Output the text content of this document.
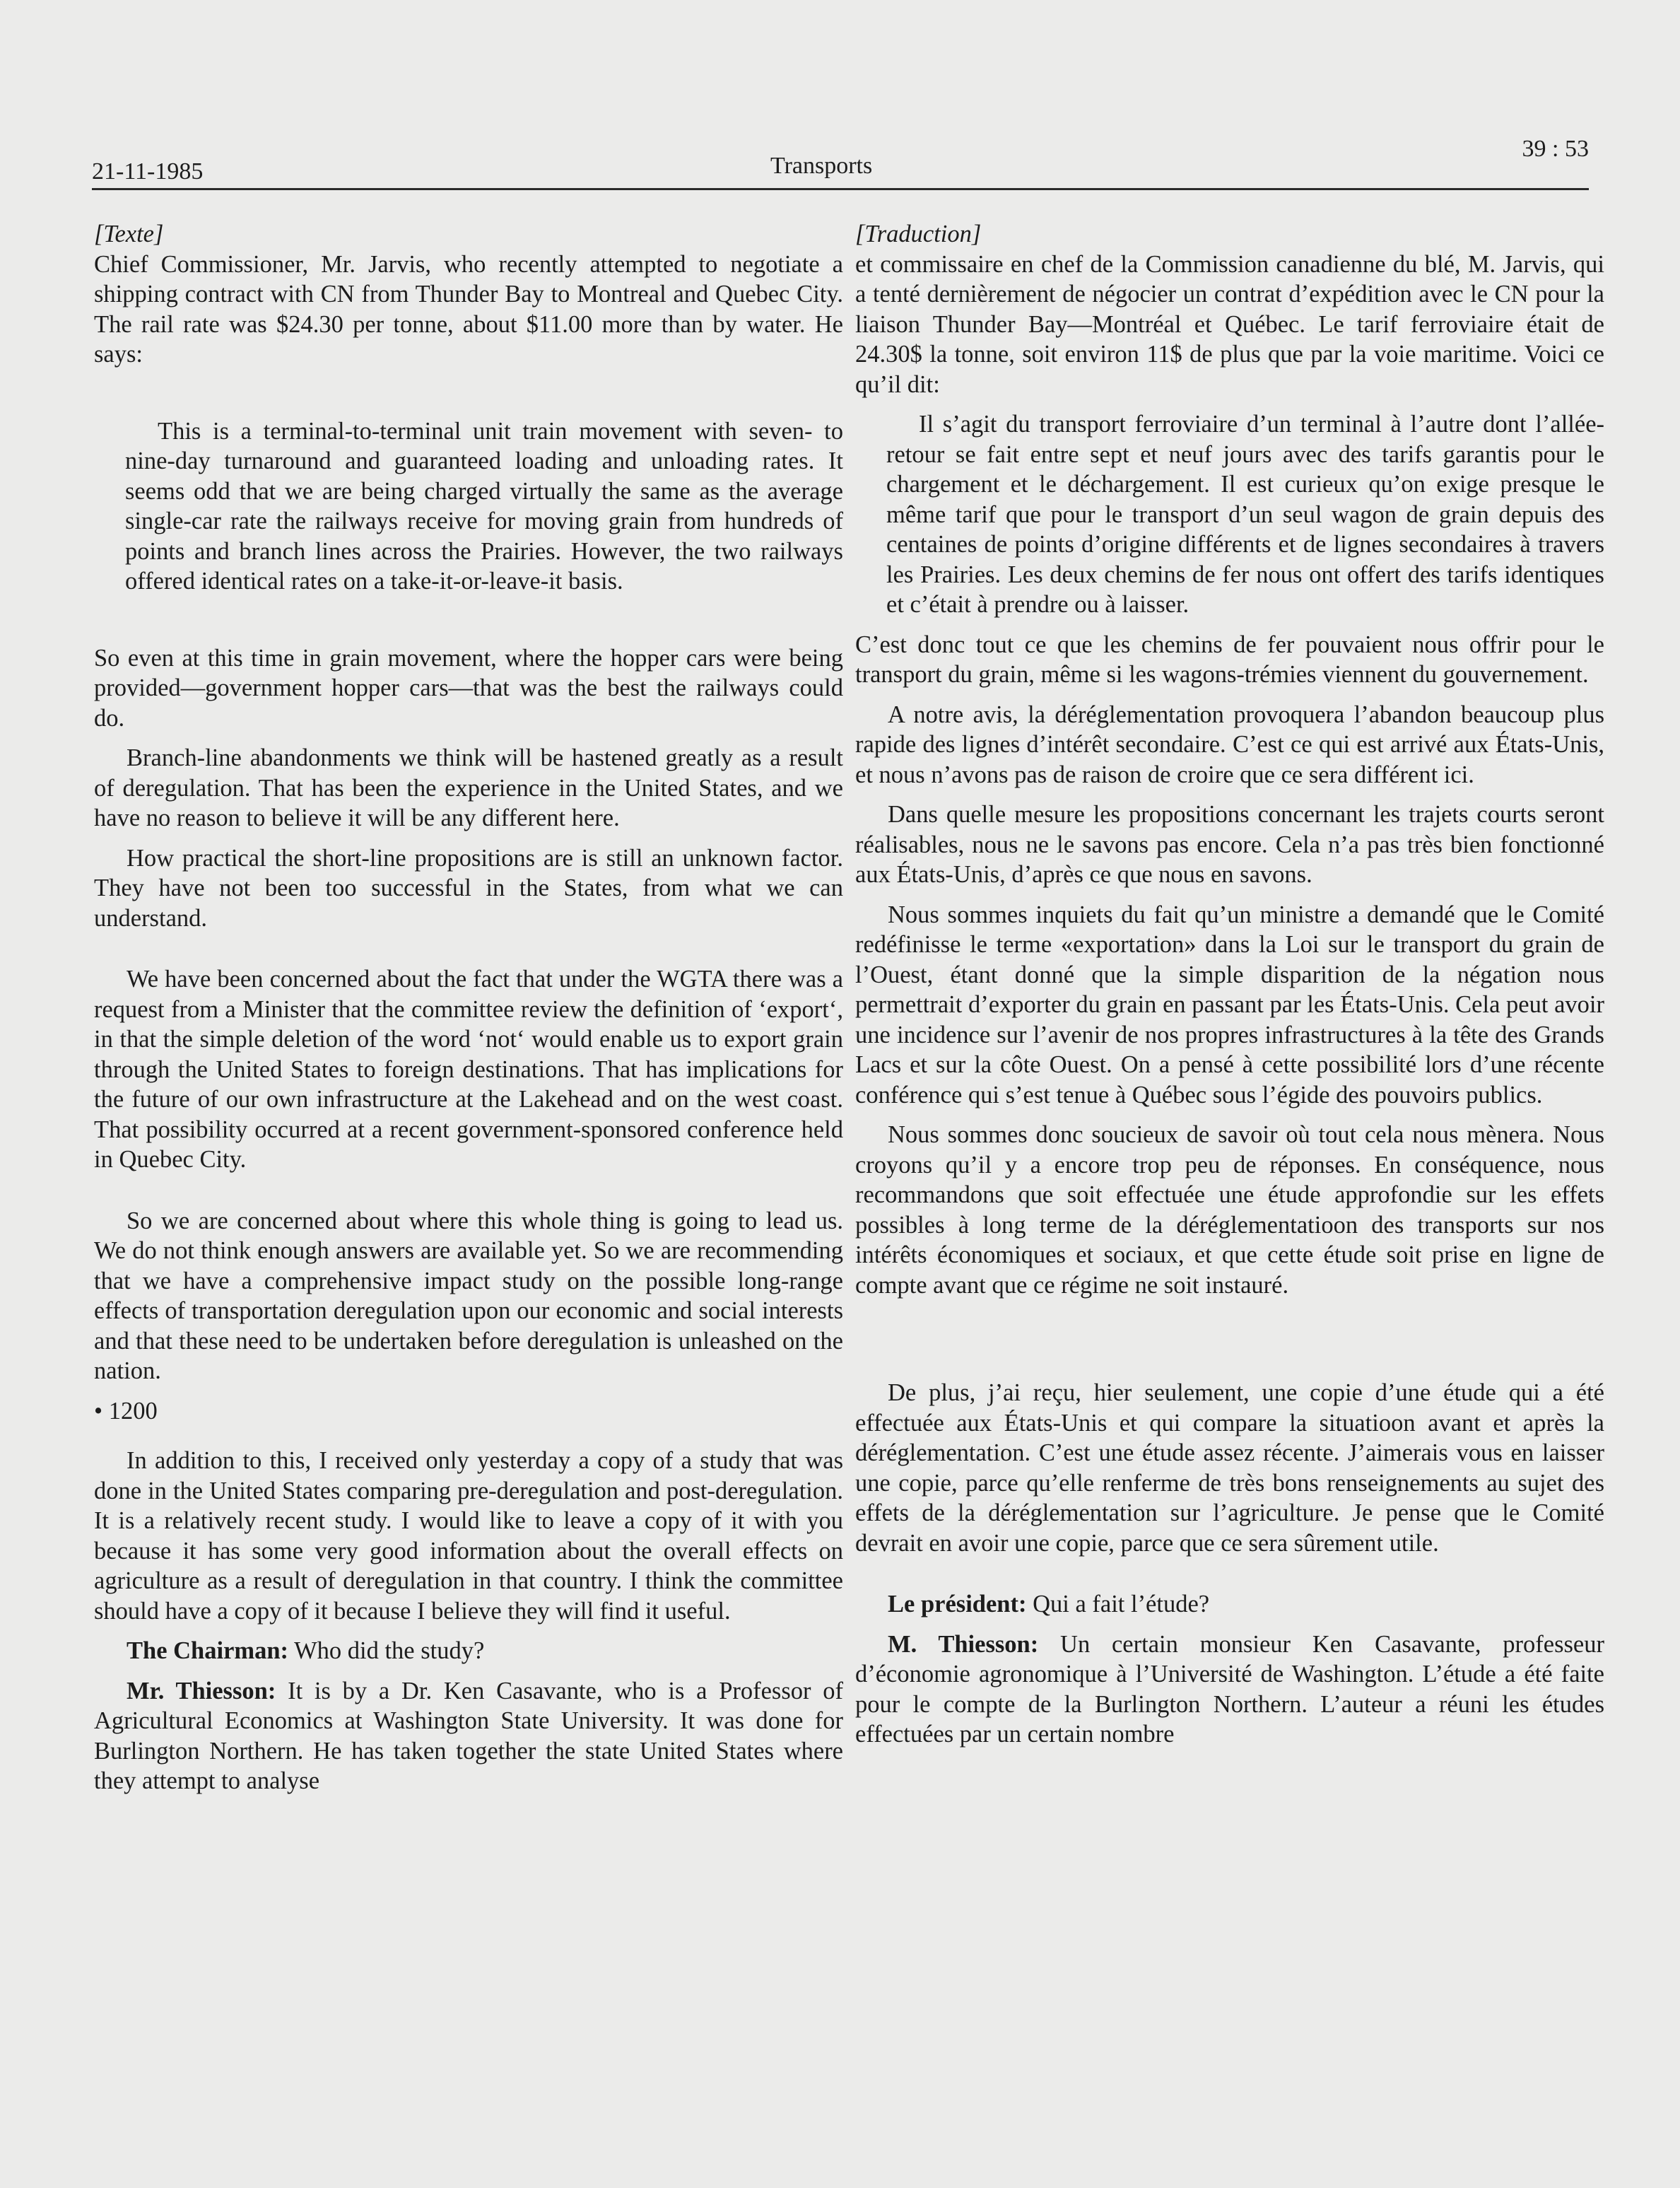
21-11-1985	Transports
39 : 53

[Texte]

Chief Commissioner, Mr. Jarvis, who recently attempted to negotiate a shipping contract with CN from Thunder Bay to Montreal and Quebec City. The rail rate was $24.30 per tonne, about $11.00 more than by water. He says:

This is a terminal-to-terminal unit train movement with seven- to nine-day turnaround and guaranteed loading and unloading rates. It seems odd that we are being charged virtually the same as the average single-car rate the railways receive for moving grain from hundreds of points and branch lines across the Prairies. However, the two railways offered identical rates on a take-it-or-leave-it basis.

So even at this time in grain movement, where the hopper cars were being provided—government hopper cars—that was the best the railways could do.

Branch-line abandonments we think will be hastened greatly as a result of deregulation. That has been the experience in the United States, and we have no reason to believe it will be any different here.

How practical the short-line propositions are is still an unknown factor. They have not been too successful in the States, from what we can understand.

We have been concerned about the fact that under the WGTA there was a request from a Minister that the committee review the definition of ‘export‘, in that the simple deletion of the word ‘not‘ would enable us to export grain through the United States to foreign destinations. That has implications for the future of our own infrastructure at the Lakehead and on the west coast. That possibility occurred at a recent government-sponsored conference held in Quebec City.

So we are concerned about where this whole thing is going to lead us. We do not think enough answers are available yet. So we are recommending that we have a comprehensive impact study on the possible long-range effects of transportation deregulation upon our economic and social interests and that these need to be undertaken before deregulation is unleashed on the nation.

• 1200

In addition to this, I received only yesterday a copy of a study that was done in the United States comparing pre-deregulation and post-deregulation. It is a relatively recent study. I would like to leave a copy of it with you because it has some very good information about the overall effects on agriculture as a result of deregulation in that country. I think the committee should have a copy of it because I believe they will find it useful.

The Chairman: Who did the study?

Mr. Thiesson: It is by a Dr. Ken Casavante, who is a Professor of Agricultural Economics at Washington State University. It was done for Burlington Northern. He has taken together the state United States where they attempt to analyse

[Traduction]

et commissaire en chef de la Commission canadienne du blé, M. Jarvis, qui a tenté dernièrement de négocier un contrat d’expédition avec le CN pour la liaison Thunder Bay—Montréal et Québec. Le tarif ferroviaire était de 24.30$ la tonne, soit environ 11$ de plus que par la voie maritime. Voici ce qu’il dit:

Il s’agit du transport ferroviaire d’un terminal à l’autre dont l’allée-retour se fait entre sept et neuf jours avec des tarifs garantis pour le chargement et le déchargement. Il est curieux qu’on exige presque le même tarif que pour le transport d’un seul wagon de grain depuis des centaines de points d’origine différents et de lignes secondaires à travers les Prairies. Les deux chemins de fer nous ont offert des tarifs identiques et c’était à prendre ou à laisser.

C’est donc tout ce que les chemins de fer pouvaient nous offrir pour le transport du grain, même si les wagons-trémies viennent du gouvernement.

A notre avis, la déréglementation provoquera l’abandon beaucoup plus rapide des lignes d’intérêt secondaire. C’est ce qui est arrivé aux États-Unis, et nous n’avons pas de raison de croire que ce sera différent ici.

Dans quelle mesure les propositions concernant les trajets courts seront réalisables, nous ne le savons pas encore. Cela n’a pas très bien fonctionné aux États-Unis, d’après ce que nous en savons.

Nous sommes inquiets du fait qu’un ministre a demandé que le Comité redéfinisse le terme «exportation» dans la Loi sur le transport du grain de l’Ouest, étant donné que la simple disparition de la négation nous permettrait d’exporter du grain en passant par les États-Unis. Cela peut avoir une incidence sur l’avenir de nos propres infrastructures à la tête des Grands Lacs et sur la côte Ouest. On a pensé à cette possibilité lors d’une récente conférence qui s’est tenue à Québec sous l’égide des pouvoirs publics.

Nous sommes donc soucieux de savoir où tout cela nous mènera. Nous croyons qu’il y a encore trop peu de réponses. En conséquence, nous recommandons que soit effectuée une étude approfondie sur les effets possibles à long terme de la déréglementatioon des transports sur nos intérêts économiques et sociaux, et que cette étude soit prise en ligne de compte avant que ce régime ne soit instauré.

De plus, j’ai reçu, hier seulement, une copie d’une étude qui a été effectuée aux États-Unis et qui compare la situatioon avant et après la déréglementation. C’est une étude assez récente. J’aimerais vous en laisser une copie, parce qu’elle renferme de très bons renseignements au sujet des effets de la déréglementation sur l’agriculture. Je pense que le Comité devrait en avoir une copie, parce que ce sera sûrement utile.

Le président: Qui a fait l’étude?

M. Thiesson: Un certain monsieur Ken Casavante, professeur d’économie agronomique à l’Université de Washington. L’étude a été faite pour le compte de la Burlington Northern. L’auteur a réuni les études effectuées par un certain nombre
